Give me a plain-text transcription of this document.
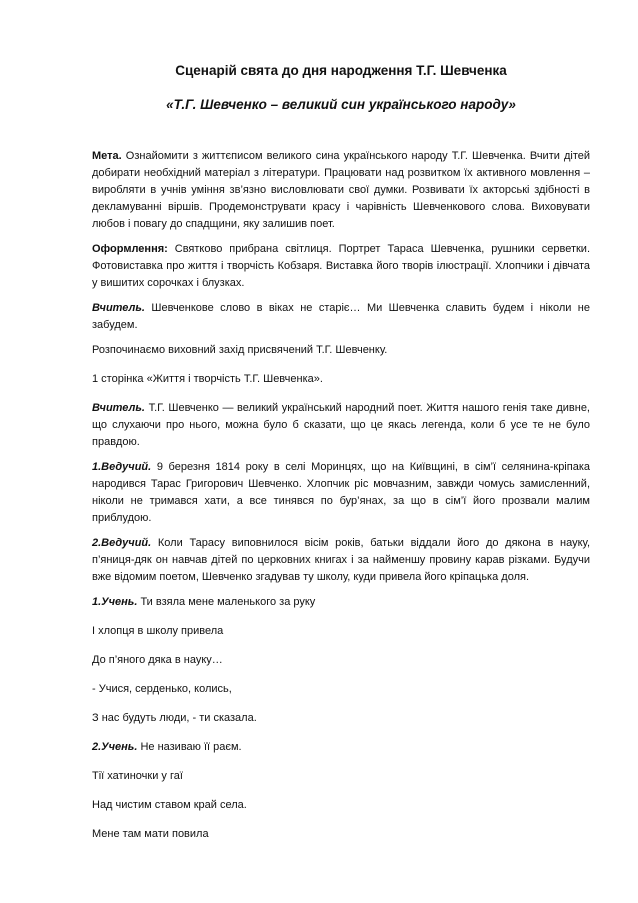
Сценарій свята до дня народження Т.Г. Шевченка
«Т.Г. Шевченко – великий син українського народу»

Мета. Ознайомити з життєписом великого сина українського народу Т.Г. Шевченка. Вчити дітей добирати необхідний матеріал з літератури. Працювати над розвитком їх активного мовлення – виробляти в учнів уміння зв’язно висловлювати свої думки. Розвивати їх акторські здібності в декламуванні віршів. Продемонструвати красу і чарівність Шевченкового слова. Виховувати любов і повагу до спадщини, яку залишив поет.

Оформлення: Святково прибрана світлиця. Портрет Тараса Шевченка, рушники серветки. Фотовиставка про життя і творчість Кобзаря. Виставка його творів ілюстрації. Хлопчики і дівчата у вишитих сорочках і блузках.

Вчитель. Шевченкове слово в віках не старіє… Ми Шевченка славить будем і ніколи не забудем.

Розпочинаємо виховний захід присвячений Т.Г. Шевченку.

1 сторінка «Життя і творчість Т.Г. Шевченка».

Вчитель. Т.Г. Шевченко — великий український народний поет. Життя нашого генія таке дивне, що слухаючи про нього, можна було б сказати, що це якась легенда, коли б усе те не було правдою.

1.Ведучий. 9 березня 1814 року в селі Моринцях, що на Київщині, в сім’ї селянина-кріпака народився Тарас Григорович Шевченко. Хлопчик ріс мовчазним, завжди чомусь замисленний, ніколи не тримався хати, а все тинявся по бур’янах, за що в сім’ї його прозвали малим приблудою.

2.Ведучий. Коли Тарасу виповнилося вісім років, батьки віддали його до дяконa в науку, п’яниця-дяк он навчав дітей по церковних книгах і за найменшу провину карав різками. Будучи вже відомим поетом, Шевченко згадував ту школу, куди привела його кріпацька доля.

1.Учень. Ти взяла мене маленького за руку

І хлопця в школу привела

До п’яного дяка в науку…

- Учися, серденько, колись,

З нас будуть люди, - ти сказала.

2.Учень. Не називаю її раєм.

Тії хатиночки у гаї

Над чистим ставом край села.

Мене там мати повила
